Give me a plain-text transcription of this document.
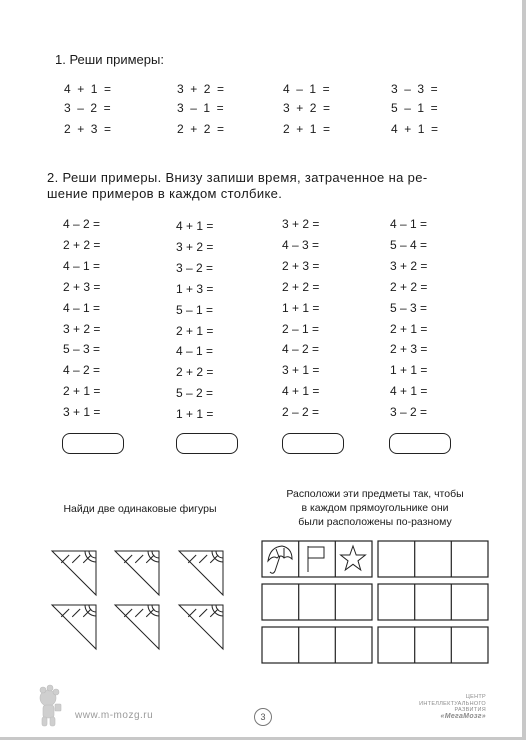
1. Реши примеры:
4 + 1 =
3 – 2 =
2 + 3 =
3 + 2 =
3 – 1 =
2 + 2 =
4 – 1 =
3 + 2 =
2 + 1 =
3 – 3 =
5 – 1 =
4 + 1 =
2. Реши примеры. Внизу запиши время, затраченное на ре-
шение примеров в каждом столбике.
4 – 2 =
2 + 2 =
4 – 1 =
2 + 3 =
4 – 1 =
3 + 2 =
5 – 3 =
4 – 2 =
2 + 1 =
3 + 1 =
4 + 1 =
3 + 2 =
3 – 2 =
1 + 3 =
5 – 1 =
2 + 1 =
4 – 1 =
2 + 2 =
5 – 2 =
1 + 1 =
3 + 2 =
4 – 3 =
2 + 3 =
2 + 2 =
1 + 1 =
2 – 1 =
4 – 2 =
3 + 1 =
4 + 1 =
2 – 2 =
4 – 1 =
5 – 4 =
3 + 2 =
2 + 2 =
5 – 3 =
2 + 1 =
2 + 3 =
1 + 1 =
4 + 1 =
3 – 2 =
Найди две одинаковые фигуры
Расположи эти предметы так, чтобы
в каждом прямоугольнике они
были расположены по-разному
www.m-mozg.ru	3
ЦЕНТР
ИНТЕЛЛЕКТУАЛЬНОГО
РАЗВИТИЯ
«МегаМозг»
